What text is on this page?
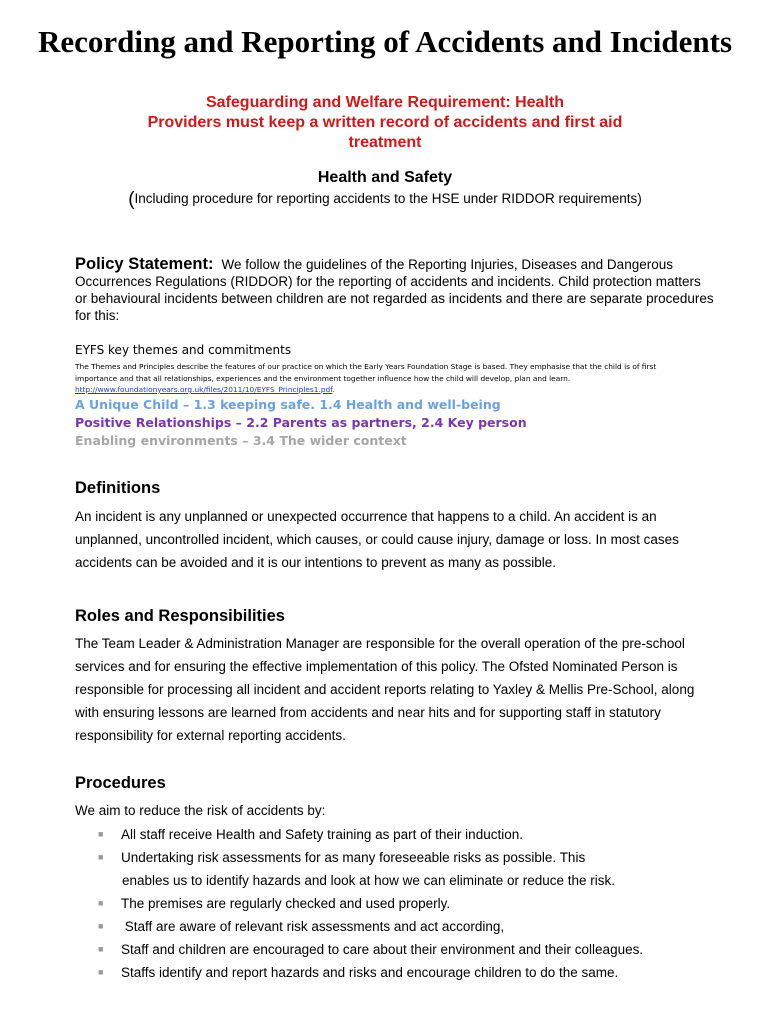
Recording and Reporting of Accidents and Incidents
Safeguarding and Welfare Requirement: Health
Providers must keep a written record of accidents and first aid
treatment
Health and Safety
(Including procedure for reporting accidents to the HSE under RIDDOR requirements)
Policy Statement: We follow the guidelines of the Reporting Injuries, Diseases and Dangerous Occurrences Regulations (RIDDOR) for the reporting of accidents and incidents. Child protection matters or behavioural incidents between children are not regarded as incidents and there are separate procedures for this:
EYFS key themes and commitments
The Themes and Principles describe the features of our practice on which the Early Years Foundation Stage is based. They emphasise that the child is of first importance and that all relationships, experiences and the environment together influence how the child will develop, plan and learn.
http://www.foundationyears.org.uk/files/2011/10/EYFS_Principles1.pdf.
A Unique Child – 1.3 keeping safe. 1.4 Health and well-being
Positive Relationships – 2.2 Parents as partners, 2.4 Key person
Enabling environments – 3.4 The wider context
Definitions
An incident is any unplanned or unexpected occurrence that happens to a child. An accident is an unplanned, uncontrolled incident, which causes, or could cause injury, damage or loss. In most cases accidents can be avoided and it is our intentions to prevent as many as possible.
Roles and Responsibilities
The Team Leader & Administration Manager are responsible for the overall operation of the pre-school services and for ensuring the effective implementation of this policy. The Ofsted Nominated Person is responsible for processing all incident and accident reports relating to Yaxley & Mellis Pre-School, along with ensuring lessons are learned from accidents and near hits and for supporting staff in statutory responsibility for external reporting accidents.
Procedures
We aim to reduce the risk of accidents by:
■ All staff receive Health and Safety training as part of their induction.
■ Undertaking risk assessments for as many foreseeable risks as possible. This
enables us to identify hazards and look at how we can eliminate or reduce the risk.
■ The premises are regularly checked and used properly.
■ Staff are aware of relevant risk assessments and act according,
■ Staff and children are encouraged to care about their environment and their colleagues.
■ Staffs identify and report hazards and risks and encourage children to do the same.
